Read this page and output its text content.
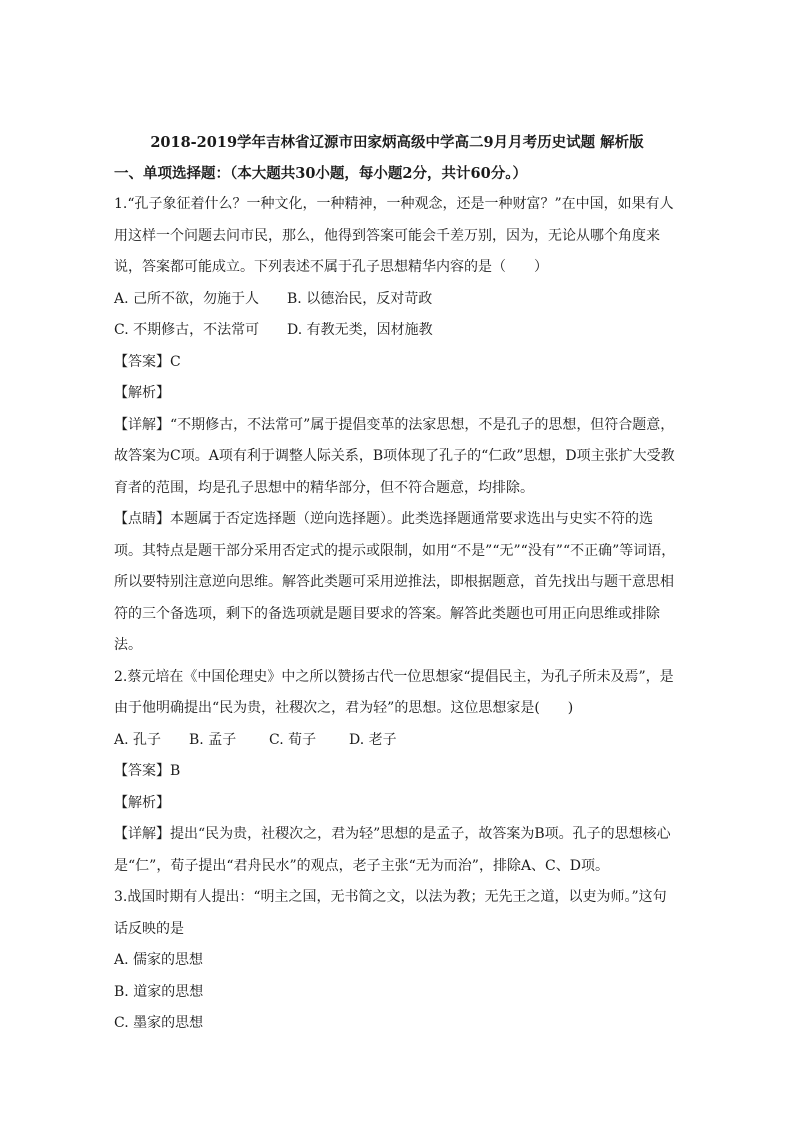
2018-2019学年吉林省辽源市田家炳高级中学高二9月月考历史试题 解析版
一、单项选择题：（本大题共30小题，每小题2分，共计60分。）

1.“孔子象征着什么？一种文化，一种精神，一种观念，还是一种财富？”在中国，如果有人用这样一个问题去问市民，那么，他得到答案可能会千差万别，因为，无论从哪个角度来说，答案都可能成立。下列表述不属于孔子思想精华内容的是（　　）

A. 己所不欲，勿施于人 B. 以德治民，反对苛政

C. 不期修古，不法常可 D. 有教无类，因材施教

【答案】C

【解析】

【详解】“不期修古，不法常可”属于提倡变革的法家思想，不是孔子的思想，但符合题意，故答案为C项。A项有利于调整人际关系，B项体现了孔子的“仁政”思想，D项主张扩大受教育者的范围，均是孔子思想中的精华部分，但不符合题意，均排除。

【点睛】本题属于否定选择题（逆向选择题）。此类选择题通常要求选出与史实不符的选项。其特点是题干部分采用否定式的提示或限制，如用“不是”“无”“没有”“不正确”等词语，所以要特别注意逆向思维。解答此类题可采用逆推法，即根据题意，首先找出与题干意思相符的三个备选项，剩下的备选项就是题目要求的答案。解答此类题也可用正向思维或排除法。

2.蔡元培在《中国伦理史》中之所以赞扬古代一位思想家“提倡民主，为孔子所未及焉”，是由于他明确提出“民为贵，社稷次之，君为轻”的思想。这位思想家是(　　)

A. 孔子 B. 孟子 C. 荀子 D. 老子

【答案】B

【解析】

【详解】提出“民为贵，社稷次之，君为轻”思想的是孟子，故答案为B项。孔子的思想核心是“仁”，荀子提出“君舟民水”的观点，老子主张“无为而治”，排除A、C、D项。

3.战国时期有人提出：“明主之国，无书简之文，以法为教；无先王之道，以吏为师。”这句话反映的是

A. 儒家的思想

B. 道家的思想

C. 墨家的思想
